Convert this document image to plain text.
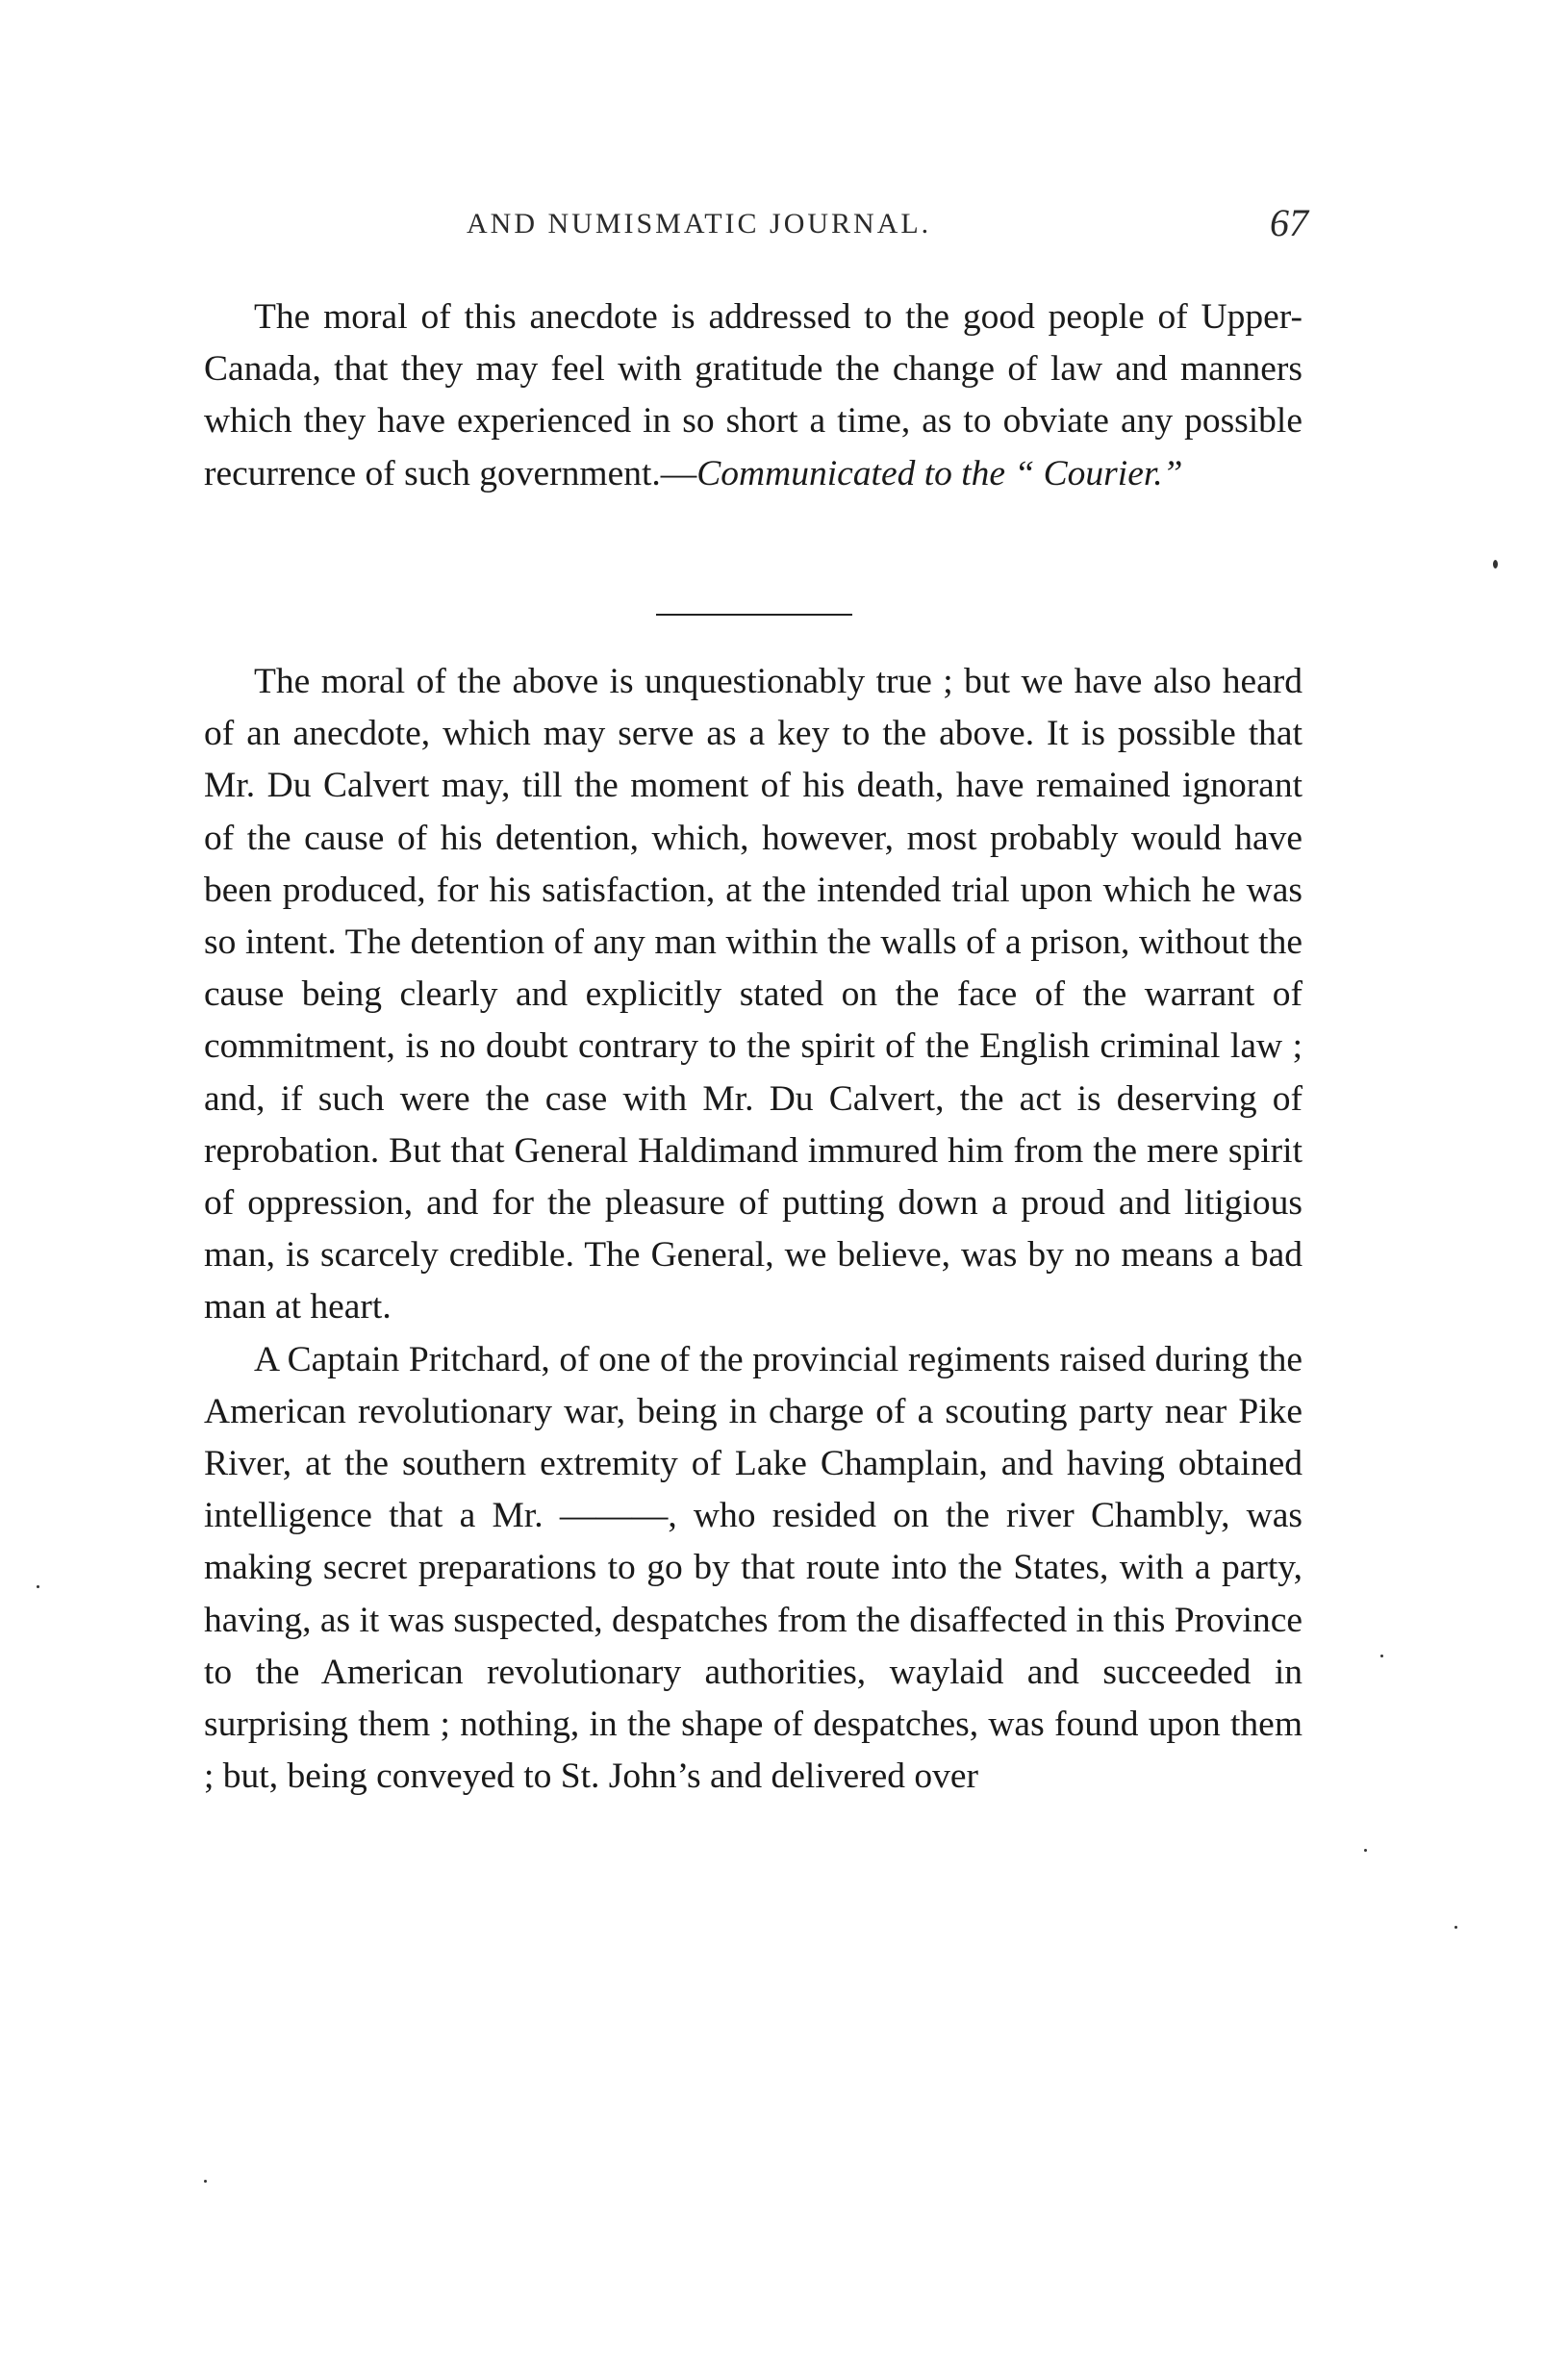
AND NUMISMATIC JOURNAL.	67

The moral of this anecdote is addressed to the good people of Upper-Canada, that they may feel with gratitude the change of law and manners which they have experienced in so short a time, as to obviate any possible recurrence of such government.—Communicated to the “ Courier.”

The moral of the above is unquestionably true ; but we have also heard of an anecdote, which may serve as a key to the above. It is possible that Mr. Du Calvert may, till the moment of his death, have remained ignorant of the cause of his detention, which, however, most probably would have been produced, for his satisfaction, at the intended trial upon which he was so intent. The detention of any man within the walls of a prison, without the cause being clearly and explicitly stated on the face of the warrant of commitment, is no doubt contrary to the spirit of the English criminal law ; and, if such were the case with Mr. Du Calvert, the act is deserving of reprobation. But that General Haldimand immured him from the mere spirit of oppression, and for the pleasure of putting down a proud and litigious man, is scarcely credible. The General, we believe, was by no means a bad man at heart.

A Captain Pritchard, of one of the provincial regiments raised during the American revolutionary war, being in charge of a scouting party near Pike River, at the southern extremity of Lake Champlain, and having obtained intelligence that a Mr. ———, who resided on the river Chambly, was making secret preparations to go by that route into the States, with a party, having, as it was suspected, despatches from the disaffected in this Province to the American revolutionary authorities, waylaid and succeeded in surprising them ; nothing, in the shape of despatches, was found upon them ; but, being conveyed to St. John’s and delivered over
